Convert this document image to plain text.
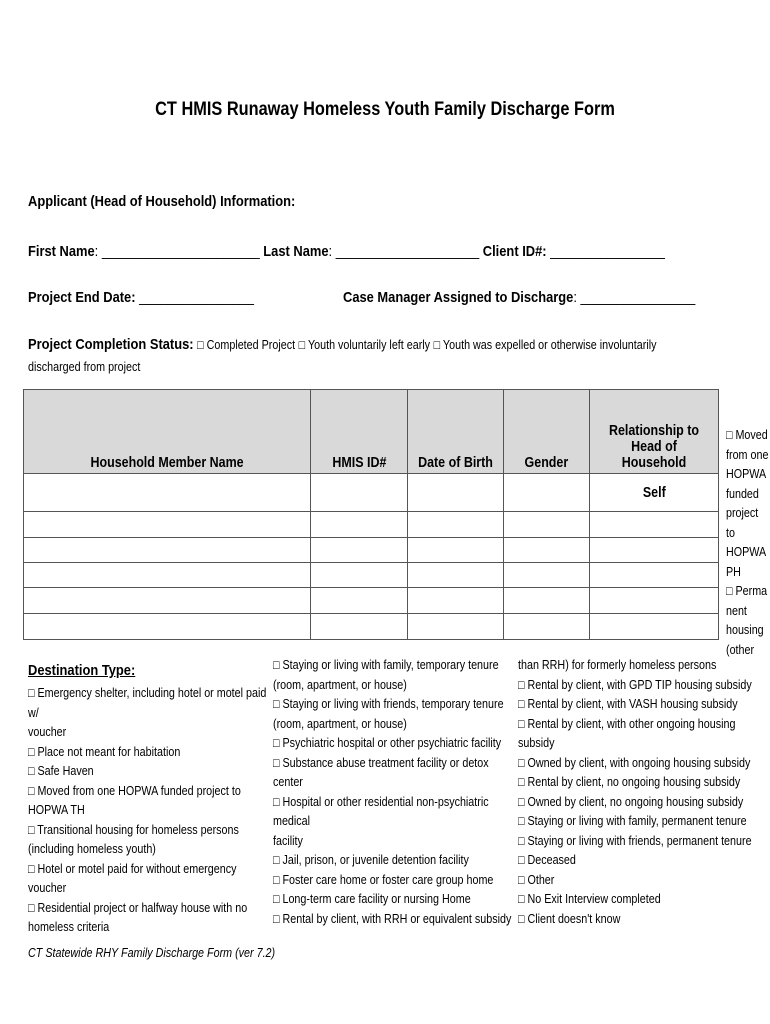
CT HMIS Runaway Homeless Youth Family Discharge Form
Applicant (Head of Household) Information:
First Name: ______________________ Last Name: ____________________ Client ID#: ________________
Project End Date: ________________	Case Manager Assigned to Discharge: ________________
Project Completion Status: □ Completed Project □ Youth voluntarily left early □ Youth was expelled or otherwise involuntarily
discharged from project
Household Member Name	HMIS ID#	Date of Birth	Gender	Relationship to
Head of Household
				Self

□ Moved
from one
HOPWA
funded
project
to
HOPWA
PH
□ Perma
nent
housing
(other
Destination Type:
□ Emergency shelter, including hotel or motel paid
w/
voucher
□ Place not meant for habitation
□ Safe Haven
□ Moved from one HOPWA funded project to
HOPWA TH
□ Transitional housing for homeless persons
(including homeless youth)
□ Hotel or motel paid for without emergency
voucher
□ Residential project or halfway house with no
homeless criteria
□ Staying or living with family, temporary tenure
(room, apartment, or house)
□ Staying or living with friends, temporary tenure
(room, apartment, or house)
□ Psychiatric hospital or other psychiatric facility
□ Substance abuse treatment facility or detox
center
□ Hospital or other residential non-psychiatric
medical
facility
□ Jail, prison, or juvenile detention facility
□ Foster care home or foster care group home
□ Long-term care facility or nursing Home
□ Rental by client, with RRH or equivalent subsidy
than RRH) for formerly homeless persons
□ Rental by client, with GPD TIP housing subsidy
□ Rental by client, with VASH housing subsidy
□ Rental by client, with other ongoing housing
subsidy
□ Owned by client, with ongoing housing subsidy
□ Rental by client, no ongoing housing subsidy
□ Owned by client, no ongoing housing subsidy
□ Staying or living with family, permanent tenure
□ Staying or living with friends, permanent tenure
□ Deceased
□ Other
□ No Exit Interview completed
□ Client doesn't know
CT Statewide RHY Family Discharge Form (ver 7.2)
